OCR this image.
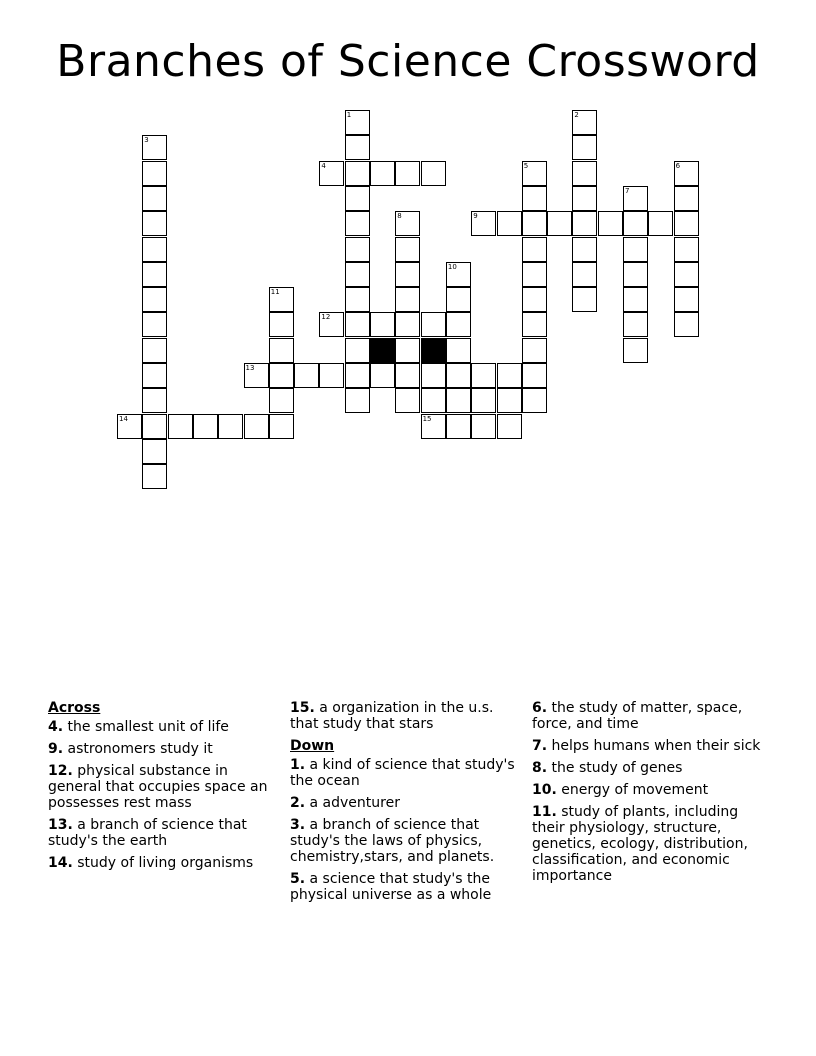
Branches of Science Crossword
1	2
3
4	5	6
7
8	9
10
11
12
13
14	15
Across
4. the smallest unit of life
9. astronomers study it
12. physical substance in general that occupies space an possesses rest mass
13. a branch of science that study's the earth
14. study of living organisms
15. a organization in the u.s. that study that stars
Down
1. a kind of science that study's the ocean
2. a adventurer
3. a branch of science that study's the laws of physics, chemistry,stars, and planets.
5. a science that study's the physical universe as a whole
6. the study of matter, space, force, and time
7. helps humans when their sick
8. the study of genes
10. energy of movement
11. study of plants, including their physiology, structure, genetics, ecology, distribution, classification, and economic importance
